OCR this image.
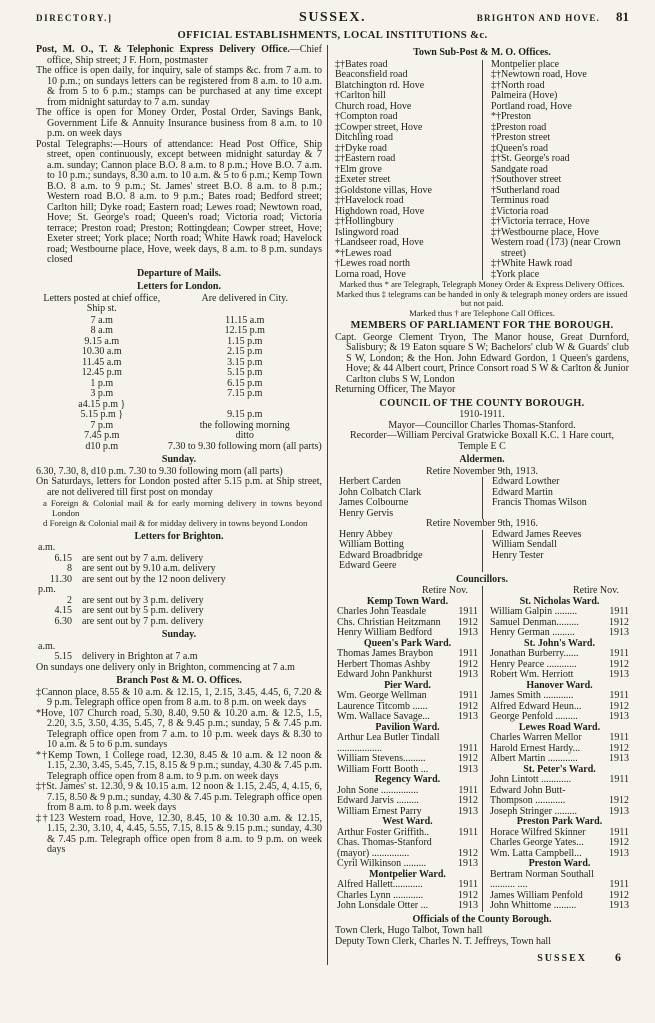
DIRECTORY.]	SUSSEX.	BRIGHTON AND HOVE. 81
OFFICIAL ESTABLISHMENTS, LOCAL INSTITUTIONS &c.

Post, M. O., T. & Telephonic Express Delivery Office.—Chief office, Ship street; J F. Horn, postmaster

The office is open daily, for inquiry, sale of stamps &c. from 7 a.m. to 10 p.m.; on sundays letters can be registered from 8 a.m. to 10 a.m. & from 5 to 6 p.m.; stamps can be purchased at any time except from midnight saturday to 7 a.m. sunday

The office is open for Money Order, Postal Order, Savings Bank, Government Life & Annuity Insurance business from 8 a.m. to 10 p.m. on week days

Postal Telegraphs:—Hours of attendance: Head Post Office, Ship street, open continuously, except between midnight saturday & 7 a.m. sunday; Cannon place B.O. 8 a.m. to 8 p.m.; Hove B.O. 7 a.m. to 10 p.m.; sundays, 8.30 a.m. to 10 a.m. & 5 to 6 p.m.; Kemp Town B.O. 8 a.m. to 9 p.m.; St. James' street B.O. 8 a.m. to 8 p.m.; Western road B.O. 8 a.m. to 9 p.m.; Bates road; Bedford street; Carlton hill; Dyke road; Eastern road; Lewes road; Newtown road, Hove; St. George's road; Queen's road; Victoria road; Victoria terrace; Preston road; Preston; Rottingdean; Cowper street, Hove; Exeter street; York place; North road; White Hawk road; Havelock road; Westbourne place, Hove, week days, 8 a.m. to 8 p.m. sundays closed

Departure of Mails.
Letters for London.
Letters posted at chief office, Ship st.
Are delivered in City.
7 a.m	11.15 a.m
8 a.m	12.15 p.m
9.15 a.m	1.15 p.m
10.30 a.m	2.15 p.m
11.45 a.m	3.15 p.m
12.45 p.m	5.15 p.m
1 p.m	6.15 p.m
3 p.m	7.15 p.m
a4.15 p.m }
5.15 p.m }	9.15 p.m
7 p.m	the following morning
7.45 p.m	ditto
d10 p.m	7.30 to 9.30 following morn (all parts)
Sunday.

6.30, 7.30, 8, d10 p.m. 7.30 to 9.30 following morn (all parts)

On Saturdays, letters for London posted after 5.15 p.m. at Ship street, are not delivered till first post on monday

a Foreign & Colonial mail & for early morning delivery in towns beyond London

d Foreign & Colonial mail & for midday delivery in towns beyond London

Letters for Brighton.
a.m.
6.15	are sent out by 7 a.m. delivery
8	are sent out by 9.10 a.m. delivery
11.30	are sent out by the 12 noon delivery
p.m.
2	are sent out by 3 p.m. delivery
4.15	are sent out by 5 p.m. delivery
6.30	are sent out by 7 p.m. delivery
Sunday.
a.m.
5.15	delivery in Brighton at 7 a.m

On sundays one delivery only in Brighton, commencing at 7 a.m

Branch Post & M. O. Offices.

‡Cannon place, 8.55 & 10 a.m. & 12.15, 1, 2.15, 3.45, 4.45, 6, 7.20 & 9 p.m. Telegraph office open from 8 a.m. to 8 p.m. on week days

*Hove, 107 Church road, 5.30, 8.40, 9.50 & 10.20 a.m. & 12.5, 1.5, 2.20, 3.5, 3.50, 4.35, 5.45, 7, 8 & 9.45 p.m.; sunday, 5 & 7.45 p.m. Telegraph office open from 7 a.m. to 10 p.m. week days & 8.30 to 10 a.m. & 5 to 6 p.m. sundays

*†Kemp Town, 1 College road, 12.30, 8.45 & 10 a.m. & 12 noon & 1.15, 2.30, 3.45, 5.45, 7.15, 8.15 & 9 p.m.; sunday, 4.30 & 7.45 p.m. Telegraph office open from 8 a.m. to 9 p.m. on week days

‡†St. James' st. 12.30, 9 & 10.15 a.m. 12 noon & 1.15, 2.45, 4, 4.15, 6, 7.15, 8.50 & 9 p.m.; sunday, 4.30 & 7.45 p.m. Telegraph office open from 8 a.m. to 8 p.m. week days

‡†123 Western road, Hove, 12.30, 8.45, 10 & 10.30 a.m. & 12.15, 1.15, 2.30, 3.10, 4, 4.45, 5.55, 7.15, 8.15 & 9.15 p.m.; sunday, 4.30 & 7.45 p.m. Telegraph office open from 8 a.m. to 9 p.m. on week days

Town Sub-Post & M. O. Offices.
‡†Bates road
Beaconsfield road
Blatchington rd. Hove
†Carlton hill
Church road, Hove
†Compton road
‡Cowper street, Hove
Ditchling road
‡†Dyke road
‡†Eastern road
†Elm grove
‡Exeter street
‡Goldstone villas, Hove
‡†Havelock road
Highdown road, Hove
‡†Hollingbury
Islingword road
†Landseer road, Hove
*†Lewes road
†Lewes road north
Lorna road, Hove
Montpelier place
‡†Newtown road, Hove
‡†North road
Palmeira (Hove)
Portland road, Hove
*†Preston
‡Preston road
†Preston street
‡Queen's road
‡†St. George's road
Sandgate road
†Southover street
†Sutherland road
Terminus road
‡Victoria road
‡†Victoria terrace, Hove
‡†Westbourne place, Hove
Western road (173) (near Crown street)
‡†White Hawk road
‡York place

Marked thus * are Telegraph, Telegraph Money Order & Express Delivery Offices.

Marked thus ‡ telegrams can be handed in only & telegraph money orders are issued but not paid.

Marked thus † are Telephone Call Offices.

MEMBERS OF PARLIAMENT FOR THE BOROUGH.

Capt. George Clement Tryon, The Manor house, Great Durnford, Salisbury; & 19 Eaton square S W; Bachelors' club W & Guards' club S W, London; & the Hon. John Edward Gordon, 1 Queen's gardens, Hove; & 44 Albert court, Prince Consort road S W & Carlton & Junior Carlton clubs S W, London

Returning Officer, The Mayor

COUNCIL OF THE COUNTY BOROUGH.
1910-1911.
Mayor—Councillor Charles Thomas-Stanford.
Recorder—William Percival Gratwicke Boxall K.C. 1 Hare court, Temple E C
Aldermen.
Retire November 9th, 1913.
Herbert Carden	Edward Lowther
John Colbatch Clark	Edward Martin
James Colbourne	Francis Thomas Wilson
Henry Gervis
Retire November 9th, 1916.
Henry Abbey	Edward James Reeves
William Botting	William Sendall
Edward Broadbridge	Henry Tester
Edward Geere
Councillors.
Retire Nov.
Kemp Town Ward.
Charles John Teasdale	1911
Chs. Christian Heitzmann	1912
Henry William Bedford	1913
Queen's Park Ward.
Thomas James Braybon	1911
Herbert Thomas Ashby	1912
Edward John Pankhurst	1913
Pier Ward.
Wm. George Wellman	1911
Laurence Titcomb ......	1912
Wm. Wallace Savage...	1913
Pavilion Ward.
Arthur Lea Butler Tindall ..................	1911
William Stevens.........	1912
William Fortt Booth ...	1913
Regency Ward.
John Sone ...............	1911
Edward Jarvis .........	1912
William Ernest Parry	1913
West Ward.
Arthur Foster Griffith..	1911
Chas. Thomas-Stanford (mayor) ...............	1912
Cyril Wilkinson .........	1913
Montpelier Ward.
Alfred Hallett............	1911
Charles Lynn ............	1912
John Lonsdale Otter ...	1913
Retire Nov.
St. Nicholas Ward.
William Galpin .........	1911
Samuel Denman.........	1912
Henry German .........	1913
St. John's Ward.
Jonathan Burberry......	1911
Henry Pearce ............	1912
Robert Wm. Herriott	1913
Hanover Ward.
James Smith ............	1911
Alfred Edward Heun...	1912
George Penfold .........	1913
Lewes Road Ward.
Charles Warren Mellor	1911
Harold Ernest Hardy...	1912
Albert Martin ............	1913
St. Peter's Ward.
John Lintott ............	1911
Edward John Butt-Thompson ............	1912
Joseph Stringer .........	1913
Preston Park Ward.
Horace Wilfred Skinner	1911
Charles George Yates...	1912
Wm. Latta Campbell...	1913
Preston Ward.
Bertram Norman Southall .......... ....	1911
James William Penfold	1912
John Whittome .........	1913
Officials of the County Borough.

Town Clerk, Hugo Talbot, Town hall

Deputy Town Clerk, Charles N. T. Jeffreys, Town hall

SUSSEX 6
